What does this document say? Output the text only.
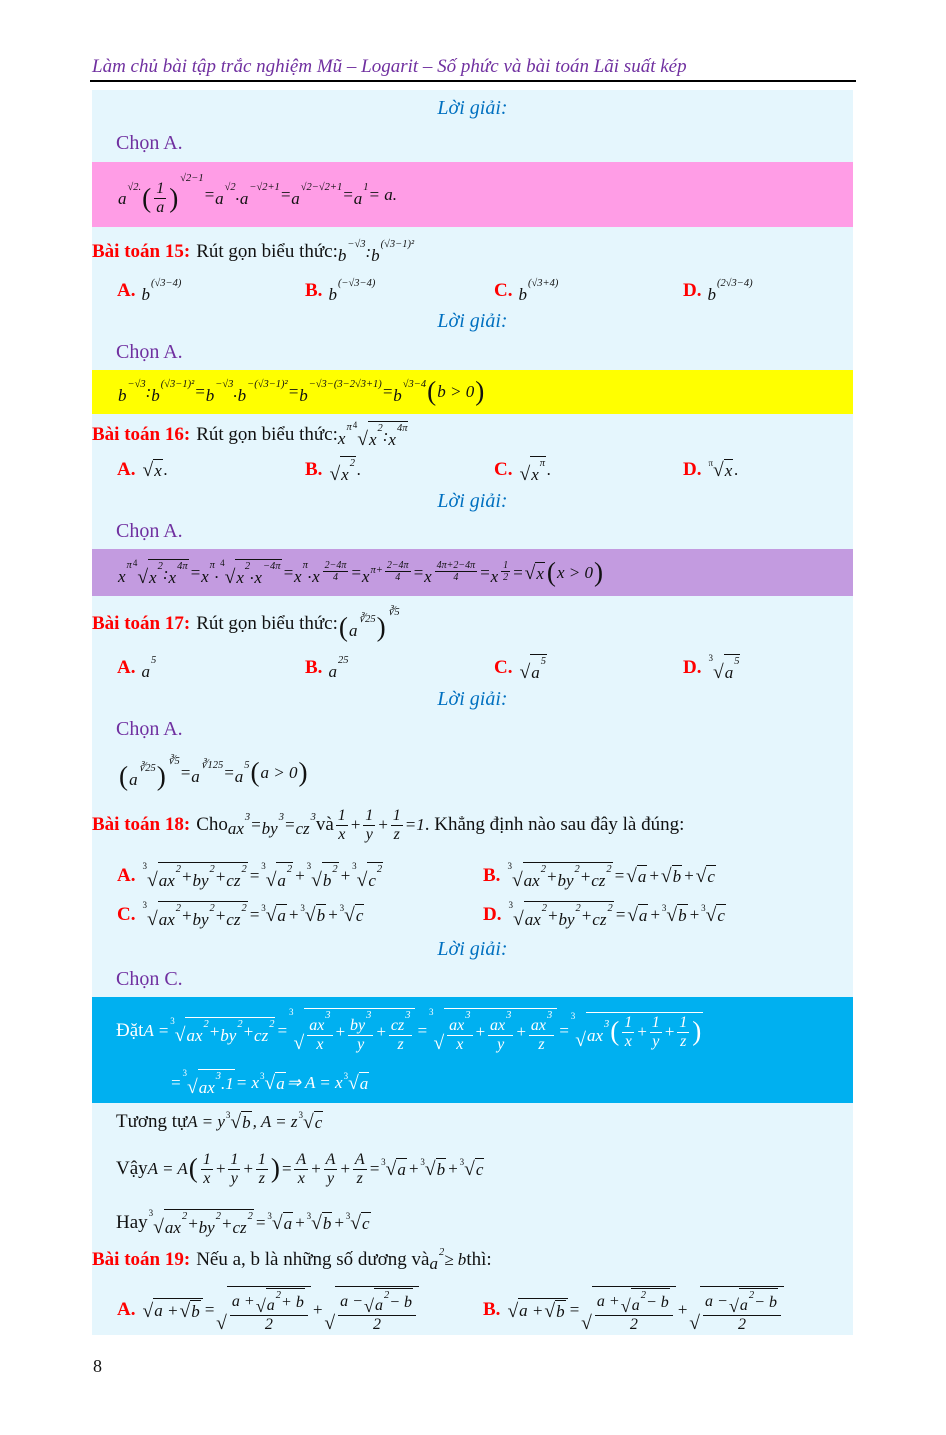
Làm chủ bài tập trắc nghiệm Mũ – Logarit – Số phức và bài toán Lãi suất kép
Lời giải:
Chọn A.
a
√2. ( $\frac{1}{a}$ )
√2−1
= a
√2 . a
−√2+1 = a
√2−√2+1 = a
1 = a.
Bài toán 15: Rút gọn biểu thức: b
−√3 : b
(√3−1)²
A. b
(√3−4)	B. b
(−√3−4)	C. b
(√3+4)	D. b
(2√3−4)
Lời giải:
Chọn A.
b
−√3 : b
(√3−1)² = b
−√3 . b
−(√3−1)² = b
−√3−(3−2√3+1) = b
√3−4 ( b > 0 )
Bài toán 16: Rút gọn biểu thức: x
π 4
√ x
2 : x
4π
A. √ x .	B. √ x
2 .	C. √ x
π .	D. π √ x .
Lời giải:
Chọn A.
x
π 4
√ x
2 : x
4π = x
π .
4
√ x
2 . x
−4π = x
π . x $\frac{2-4\pi}{4} = x$ $\pi+ \frac{2-4\pi}{4} = x \frac{4\pi+2-4\pi}{4} = x \frac{1}{2}$ = √ x ( x > 0 )
Bài toán 17: Rút gọn biểu thức: ( a
∛25 ) ∛5
A. a
5	B. a
25	C. √ a
5	D. 3
√ a
5
Lời giải:
Chọn A.
( a
∛25 ) ∛5
= a
∛125 = a
5 ( a > 0 )
Bài toán 18: Cho ax
3 = by
3 = cz
3 và $\frac{1}{x} + \frac{1}{y} + \frac{1}{z} =1$ . Khẳng định nào sau đây là đúng:
A. 3
√ ax
2 + by
2 + cz
2 =
3
√ a
2 +
3
√ b
2 +
3
√ c
2	B. 3
√ ax
2 + by
2 + cz
2 = √ a + √ b + √ c
C. 3
√ ax
2 + by
2 + cz
2 = 3 √ a + 3 √ b + 3 √ c	D. 3
√ ax
2 + by
2 + cz
2 = √ a + 3 √ b + 3 √ c
Lời giải:
Chọn C.
Đặt A =
3
√ ax
2 + by
2 + cz
2 =
3
√ ax
3
x + by
3
y + cz
3
z =
3
√ ax
3
x + ax
3
y + ax
3
z =
3
√ ax
3 ( $\frac{1}{x} + \frac{1}{y} + \frac{1}{z}$ )
=
3
√ ax
3 .1 = x 3 √ a ⇒ A = x 3 √ a
Tương tự A = y 3 √ b , A = z 3 √ c
Vậy A = A ( $\frac{1}{x} + \frac{1}{y} + \frac{1}{z}$ ) = $\frac{A}{x} + \frac{A}{y} + \frac{A}{z} = 3$ √ a + 3 √ b + 3 √ c
Hay 3
√ ax
2 + by
2 + cz
2 = 3 √ a + 3 √ b + 3 √ c
Bài toán 19: Nếu a, b là những số dương và a
2 ≥ b thì:
A. √ a + √ b =
√ a + √ a
2 + b
2 +
√ a − √ a
2 − b
2	B. √ a + √ b =
√ a + √ a
2 − b
2 +
√ a − √ a
2 − b
2
8
